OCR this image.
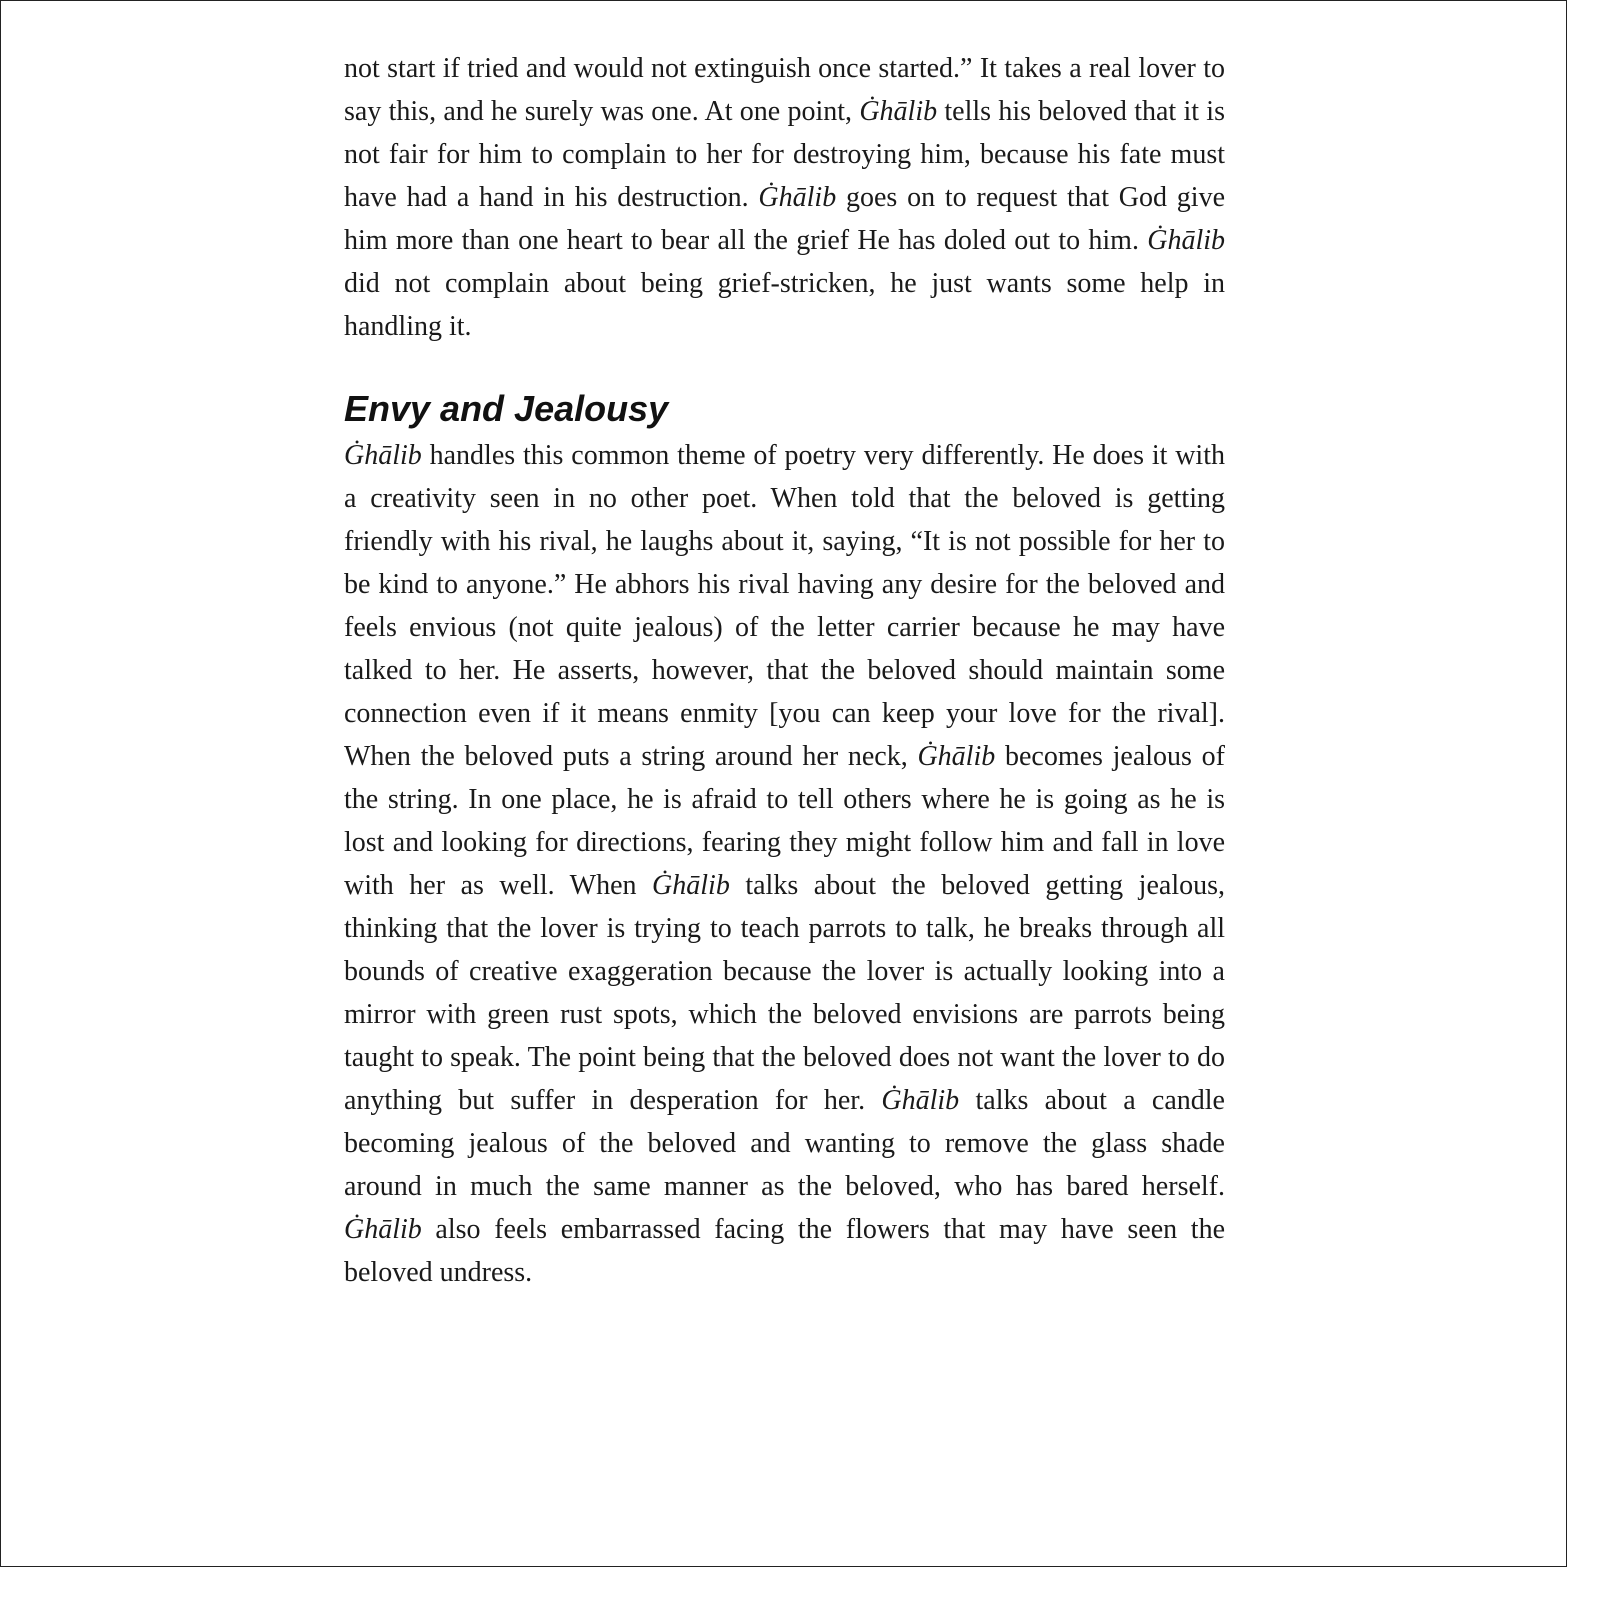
not start if tried and would not extinguish once started.” It takes a real lover to say this, and he surely was one. At one point, Ġhālib tells his beloved that it is not fair for him to complain to her for destroying him, because his fate must have had a hand in his destruction. Ġhālib goes on to request that God give him more than one heart to bear all the grief He has doled out to him. Ġhālib did not complain about being grief-stricken, he just wants some help in handling it.

Envy and Jealousy

Ġhālib handles this common theme of poetry very differently. He does it with a creativity seen in no other poet. When told that the beloved is getting friendly with his rival, he laughs about it, saying, “It is not possible for her to be kind to anyone.” He abhors his rival having any desire for the beloved and feels envious (not quite jealous) of the letter carrier because he may have talked to her. He asserts, however, that the beloved should maintain some connection even if it means enmity [you can keep your love for the rival]. When the beloved puts a string around her neck, Ġhālib becomes jealous of the string. In one place, he is afraid to tell others where he is going as he is lost and looking for directions, fearing they might follow him and fall in love with her as well. When Ġhālib talks about the beloved getting jealous, thinking that the lover is trying to teach parrots to talk, he breaks through all bounds of creative exaggeration because the lover is actually looking into a mirror with green rust spots, which the beloved envisions are parrots being taught to speak. The point being that the beloved does not want the lover to do anything but suffer in desperation for her. Ġhālib talks about a candle becoming jealous of the beloved and wanting to remove the glass shade around in much the same manner as the beloved, who has bared herself. Ġhālib also feels embarrassed facing the flowers that may have seen the beloved undress.
